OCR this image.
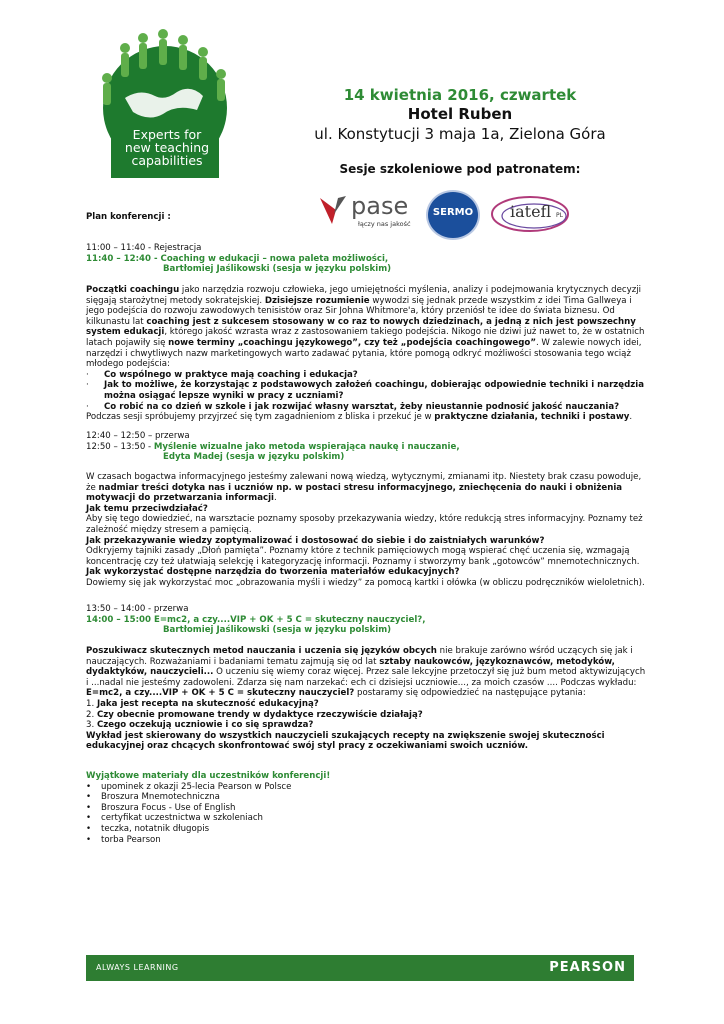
Experts for
new teaching
capabilities
14 kwietnia 2016, czwartek
Hotel Ruben
ul. Konstytucji 3 maja 1a, Zielona Góra
Sesje szkoleniowe pod patronatem:
pase
łączy nas jakość
SERMO	iatefl PL
Plan konferencji :
11:00 – 11:40 - Rejestracja
11:40 – 12:40 - Coaching w edukacji – nowa paleta możliwości,
Bartłomiej Jaślikowski (sesja w języku polskim)
Początki coachingu jako narzędzia rozwoju człowieka, jego umiejętności myślenia, analizy i podejmowania krytycznych decyzji sięgają starożytnej metody sokratejskiej. Dzisiejsze rozumienie wywodzi się jednak przede wszystkim z idei Tima Gallweya i jego podejścia do rozwoju zawodowych tenisistów oraz Sir Johna Whitmore'a, który przeniósł te idee do świata biznesu. Od kilkunastu lat coaching jest z sukcesem stosowany w co raz to nowych dziedzinach, a jedną z nich jest powszechny system edukacji, którego jakość wzrasta wraz z zastosowaniem takiego podejścia. Nikogo nie dziwi już nawet to, że w ostatnich latach pojawiły się nowe terminy „coachingu językowego”, czy też „podejścia coachingowego”. W zalewie nowych idei, narzędzi i chwytliwych nazw marketingowych warto zadawać pytania, które pomogą odkryć możliwości stosowania tego wciąż młodego podejścia:
·	Co wspólnego w praktyce mają coaching i edukacja?
·	Jak to możliwe, że korzystając z podstawowych założeń coachingu, dobierając odpowiednie techniki i narzędzia można osiągać lepsze wyniki w pracy z uczniami?
·	Co robić na co dzień w szkole i jak rozwijać własny warsztat, żeby nieustannie podnosić jakość nauczania?
Podczas sesji spróbujemy przyjrzeć się tym zagadnieniom z bliska i przekuć je w praktyczne działania, techniki i postawy.
12:40 – 12:50 – przerwa
12:50 – 13:50 - Myślenie wizualne jako metoda wspierająca naukę i nauczanie,
Edyta Madej (sesja w języku polskim)
W czasach bogactwa informacyjnego jesteśmy zalewani nową wiedzą, wytycznymi, zmianami itp. Niestety brak czasu powoduje, że nadmiar treści dotyka nas i uczniów np. w postaci stresu informacyjnego, zniechęcenia do nauki i obniżenia motywacji do przetwarzania informacji.
Jak temu przeciwdziałać?
Aby się tego dowiedzieć, na warsztacie poznamy sposoby przekazywania wiedzy, które redukcją stres informacyjny. Poznamy też zależność między stresem a pamięcią.
Jak przekazywanie wiedzy zoptymalizować i dostosować do siebie i do zaistniałych warunków?
Odkryjemy tajniki zasady „Dłoń pamięta”. Poznamy które z technik pamięciowych mogą wspierać chęć uczenia się, wzmagają koncentrację czy też ułatwiają selekcję i kategoryzację informacji. Poznamy i stworzymy bank „gotowców” mnemotechnicznych.
Jak wykorzystać dostępne narzędzia do tworzenia materiałów edukacyjnych?
Dowiemy się jak wykorzystać moc „obrazowania myśli i wiedzy” za pomocą kartki i ołówka (w obliczu podręczników wieloletnich).
13:50 – 14:00 - przerwa
14:00 – 15:00 E=mc2, a czy....VIP + OK + 5 C = skuteczny nauczyciel?,
Bartłomiej Jaślikowski (sesja w języku polskim)
Poszukiwacz skutecznych metod nauczania i uczenia się języków obcych nie brakuje zarówno wśród uczących się jak i nauczających. Rozważaniami i badaniami tematu zajmują się od lat sztaby naukowców, językoznawców, metodyków, dydaktyków, nauczycieli... O uczeniu się wiemy coraz więcej. Przez sale lekcyjne przetoczył się już bum metod aktywizujących i ...nadal nie jesteśmy zadowoleni. Zdarza się nam narzekać: ech ci dzisiejsi uczniowie..., za moich czasów .... Podczas wykładu: E=mc2, a czy....VIP + OK + 5 C = skuteczny nauczyciel? postaramy się odpowiedzieć na następujące pytania:
1. Jaka jest recepta na skuteczność edukacyjną?
2. Czy obecnie promowane trendy w dydaktyce rzeczywiście działają?
3. Czego oczekują uczniowie i co się sprawdza?
Wykład jest skierowany do wszystkich nauczycieli szukających recepty na zwiększenie swojej skuteczności edukacyjnej oraz chcących skonfrontować swój styl pracy z oczekiwaniami swoich uczniów.
Wyjątkowe materiały dla uczestników konferencji!
• upominek z okazji 25-lecia Pearson w Polsce
• Broszura Mnemotechniczna
• Broszura Focus - Use of English
• certyfikat uczestnictwa w szkoleniach
• teczka, notatnik długopis
• torba Pearson
ALWAYS LEARNING	PEARSON
